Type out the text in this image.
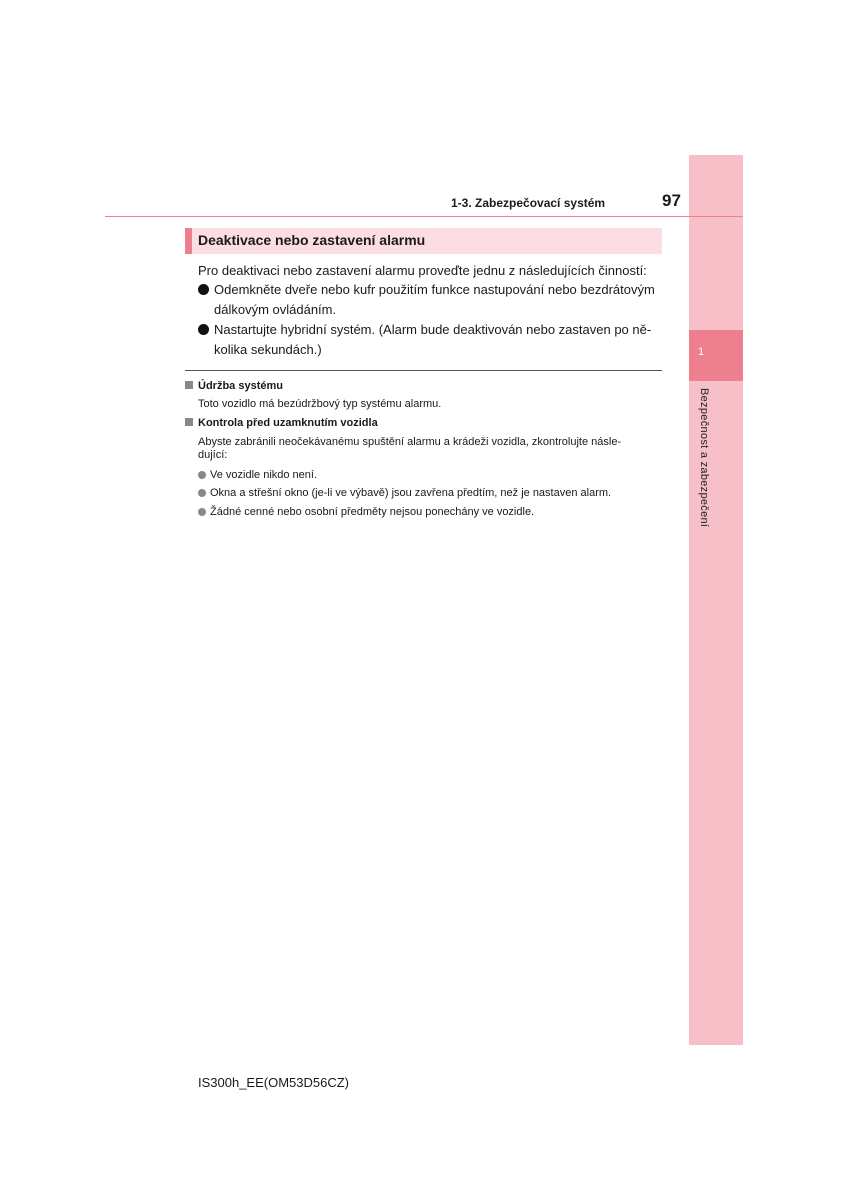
1
Bezpečnost a zabezpečení
1-3. Zabezpečovací systém	97
Deaktivace nebo zastavení alarmu
Pro deaktivaci nebo zastavení alarmu proveďte jednu z následujících činností:
Odemkněte dveře nebo kufr použitím funkce nastupování nebo bezdrátovým
dálkovým ovládáním.
Nastartujte hybridní systém. (Alarm bude deaktivován nebo zastaven po ně-
kolika sekundách.)
Údržba systému
Toto vozidlo má bezúdržbový typ systému alarmu.
Kontrola před uzamknutím vozidla
Abyste zabránili neočekávanému spuštění alarmu a krádeži vozidla, zkontrolujte násle-
dující:
Ve vozidle nikdo není.
Okna a střešní okno (je-li ve výbavě) jsou zavřena předtím, než je nastaven alarm.
Žádné cenné nebo osobní předměty nejsou ponechány ve vozidle.
IS300h_EE(OM53D56CZ)
